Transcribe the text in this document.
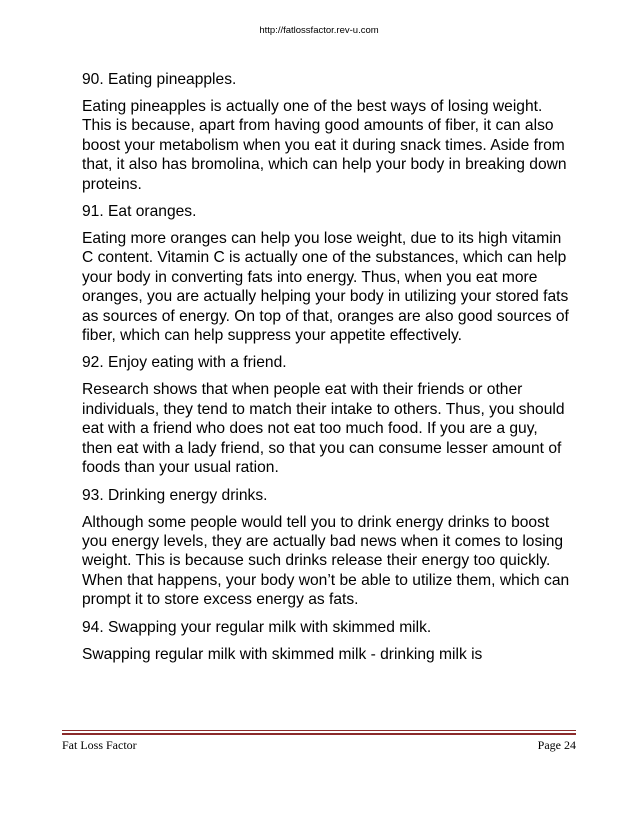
http://fatlossfactor.rev-u.com

90. Eating pineapples.

Eating pineapples is actually one of the best ways of losing weight. This is because, apart from having good amounts of fiber, it can also boost your metabolism when you eat it during snack times. Aside from that, it also has bromolina, which can help your body in breaking down proteins.

91. Eat oranges.

Eating more oranges can help you lose weight, due to its high vitamin C content. Vitamin C is actually one of the substances, which can help your body in converting fats into energy. Thus, when you eat more oranges, you are actually helping your body in utilizing your stored fats as sources of energy. On top of that, oranges are also good sources of fiber, which can help suppress your appetite effectively.

92. Enjoy eating with a friend.

Research shows that when people eat with their friends or other individuals, they tend to match their intake to others. Thus, you should eat with a friend who does not eat too much food. If you are a guy, then eat with a lady friend, so that you can consume lesser amount of foods than your usual ration.

93. Drinking energy drinks.

Although some people would tell you to drink energy drinks to boost you energy levels, they are actually bad news when it comes to losing weight. This is because such drinks release their energy too quickly. When that happens, your body won’t be able to utilize them, which can prompt it to store excess energy as fats.

94. Swapping your regular milk with skimmed milk.

Swapping regular milk with skimmed milk - drinking milk is

Fat Loss Factor	Page 24
